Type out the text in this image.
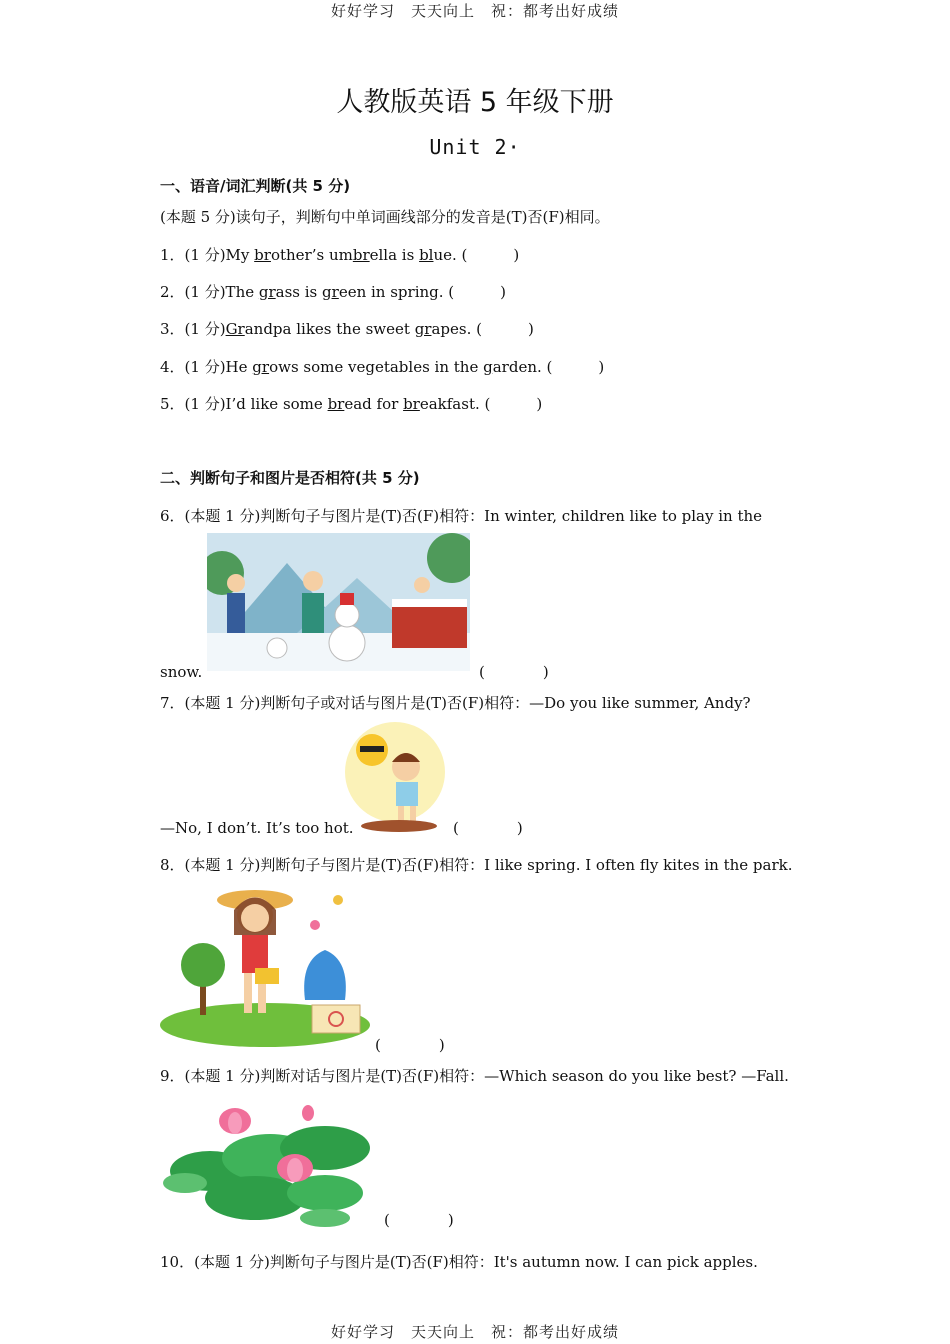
好好学习　天天向上　祝：都考出好成绩
人教版英语 5 年级下册
Unit 2·
一、语音/词汇判断(共 5 分)
(本题 5 分)读句子，判断句中单词画线部分的发音是(T)否(F)相同。
1．(1 分)My brother’s umbrella is blue. (	)
2．(1 分)The grass is green in spring. (	)
3．(1 分)Grandpa likes the sweet grapes. (	)
4．(1 分)He grows some vegetables in the garden. (	)
5．(1 分)I’d like some bread for breakfast. (	)
二、判断句子和图片是否相符(共 5 分)
6．(本题 1 分)判断句子与图片是(T)否(F)相符：In winter, children like to play in the
snow.	(	)
7．(本题 1 分)判断句子或对话与图片是(T)否(F)相符：—Do you like summer, Andy?
—No, I don’t. It’s too hot.	(	)
8．(本题 1 分)判断句子与图片是(T)否(F)相符：I like spring. I often fly kites in the park.
(	)
9．(本题 1 分)判断对话与图片是(T)否(F)相符：—Which season do you like best? —Fall.
(	)
10．(本题 1 分)判断句子与图片是(T)否(F)相符：It's autumn now. I can pick apples.
好好学习　天天向上　祝：都考出好成绩
